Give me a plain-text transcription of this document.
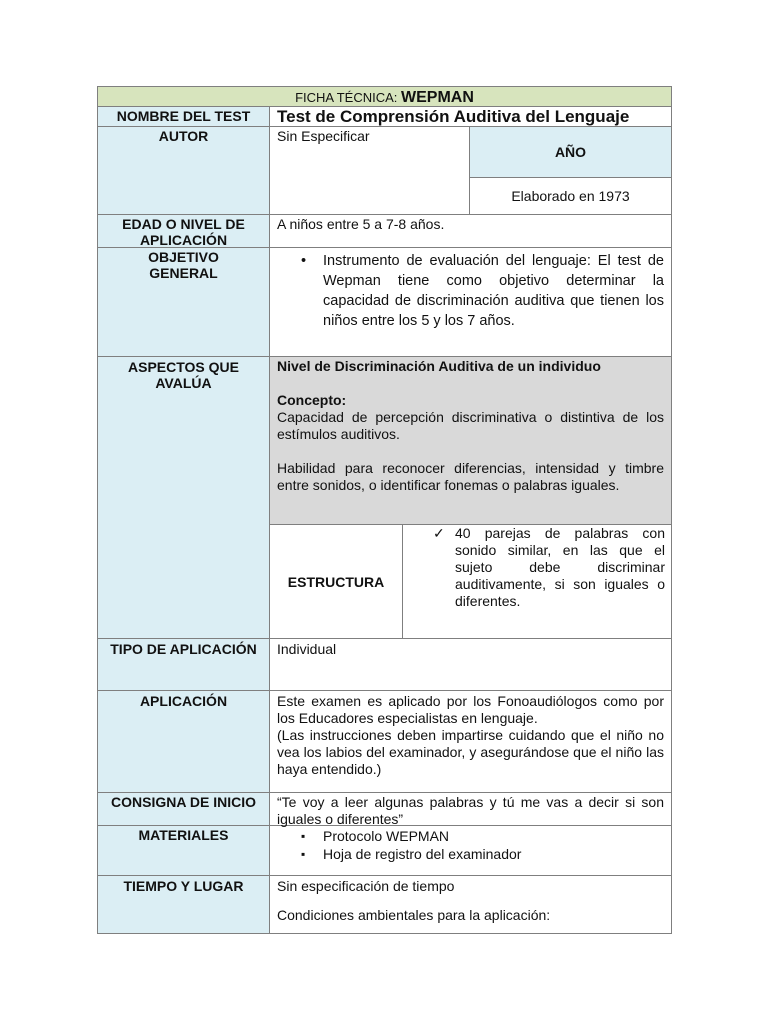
FICHA TÉCNICA: WEPMAN
NOMBRE DEL TEST	Test de Comprensión Auditiva del Lenguaje
AUTOR	Sin Especificar
AÑO
Elaborado en 1973
EDAD O NIVEL DE APLICACIÓN
A niños entre 5 a 7-8 años.
OBJETIVO GENERAL
• Instrumento de evaluación del lenguaje: El test de Wepman tiene como objetivo determinar la capacidad de discriminación auditiva que tienen los niños entre los 5 y los 7 años.
ASPECTOS QUE AVALÚA
Nivel de Discriminación Auditiva de un individuo
Concepto:
Capacidad de percepción discriminativa o distintiva de los estímulos auditivos.
Habilidad para reconocer diferencias, intensidad y timbre entre sonidos, o identificar fonemas o palabras iguales.
ESTRUCTURA
✓ 40 parejas de palabras con sonido similar, en las que el sujeto debe discriminar auditivamente, si son iguales o diferentes.
TIPO DE APLICACIÓN	Individual
APLICACIÓN	Este examen es aplicado por los Fonoaudiólogos como por los Educadores especialistas en lenguaje.
(Las instrucciones deben impartirse cuidando que el niño no vea los labios del examinador, y asegurándose que el niño las haya entendido.)
CONSIGNA DE INICIO	“Te voy a leer algunas palabras y tú me vas a decir si son iguales o diferentes”
MATERIALES
▪	Protocolo WEPMAN
▪ Hoja de registro del examinador
TIEMPO Y LUGAR	Sin especificación de tiempo
Condiciones ambientales para la aplicación:
